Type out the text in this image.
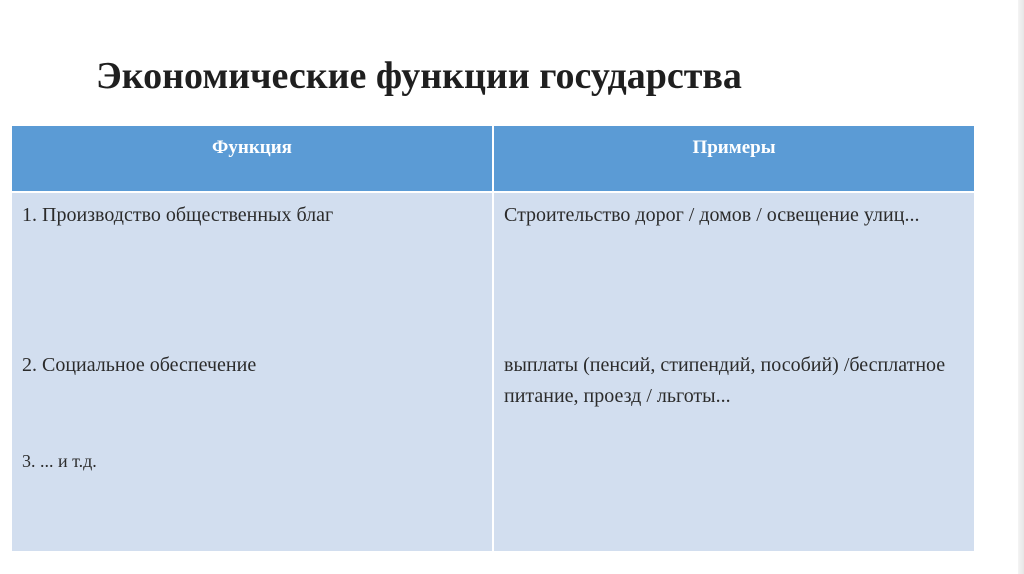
Экономические функции государства
Функция	Примеры
1. Производство общественных благ
2. Социальное обеспечение
3. ... и т.д.
Строительство дорог / домов / освещение улиц...
выплаты (пенсий, стипендий, пособий) /бесплатное питание, проезд / льготы...
